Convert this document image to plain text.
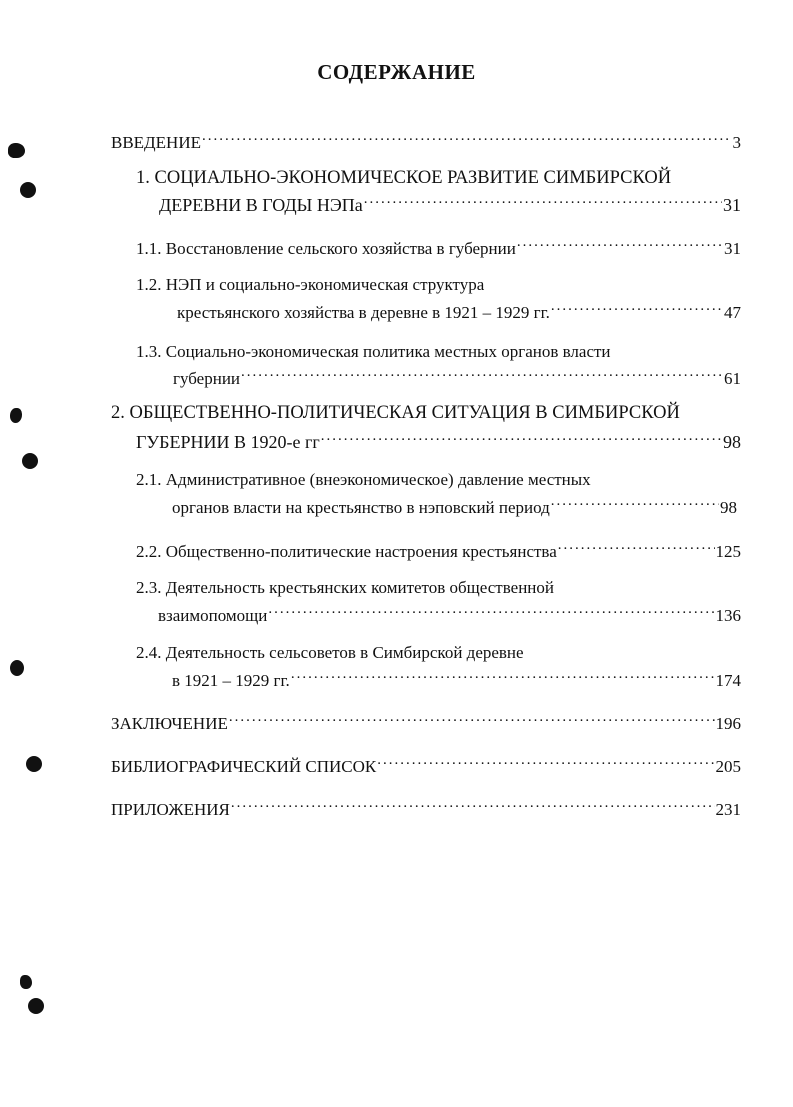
СОДЕРЖАНИЕ
ВВЕДЕНИЕ .....	3
1. СОЦИАЛЬНО-ЭКОНОМИЧЕСКОЕ РАЗВИТИЕ СИМБИРСКОЙ
ДЕРЕВНИ В ГОДЫ НЭПа .....	31
1.1. Восстановление сельского хозяйства в губернии .....	31
1.2. НЭП и социально-экономическая структура
крестьянского хозяйства в деревне в 1921 – 1929 гг. .....	47
1.3. Социально-экономическая политика местных органов власти
губернии .....	61
2. ОБЩЕСТВЕННО-ПОЛИТИЧЕСКАЯ СИТУАЦИЯ В СИМБИРСКОЙ
ГУБЕРНИИ В 1920-е гг .....	98
2.1. Административное (внеэкономическое) давление местных
органов власти на крестьянство в нэповский период .....	98
2.2. Общественно-политические настроения крестьянства .....	125
2.3. Деятельность крестьянских комитетов общественной
взаимопомощи .....	136
2.4. Деятельность сельсоветов в Симбирской деревне
в 1921 – 1929 гг. .....	174
ЗАКЛЮЧЕНИЕ .....	196
БИБЛИОГРАФИЧЕСКИЙ СПИСОК .....	205
ПРИЛОЖЕНИЯ .....	231
